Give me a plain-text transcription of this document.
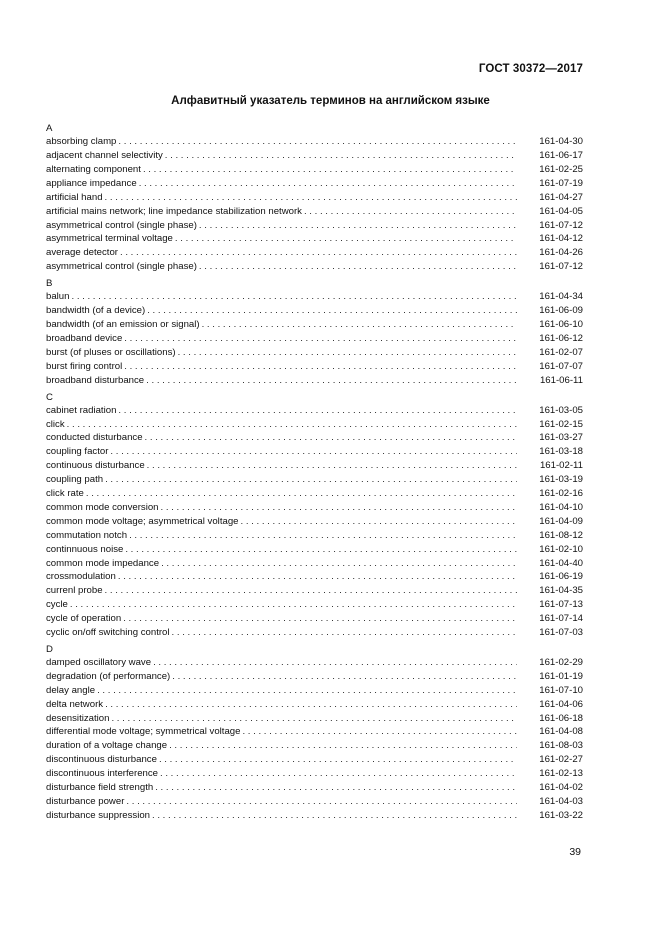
ГОСТ 30372—2017
Алфавитный указатель терминов на английском языке
A
absorbing clamp . . .	161-04-30
adjacent channel selectivity . . .	161-06-17
alternating component . . .	161-02-25
appliance impedance . . .	161-07-19
artificial hand . . .	161-04-27
artificial mains network; line impedance stabilization network . . .	161-04-05
asymmetrical control (single phase) . . .	161-07-12
asymmetrical terminal voltage . . .	161-04-12
average detector . . .	161-04-26
asymmetrical control (single phase) . . .	161-07-12
B
balun . . .	161-04-34
bandwidth (of a device) . . .	161-06-09
bandwidth (of an emission or signal) . . .	161-06-10
broadband device . . .	161-06-12
burst (of pluses or oscillations) . . .	161-02-07
burst firing control . . .	161-07-07
broadband disturbance . . .	161-06-11
C
cabinet radiation . . .	161-03-05
click . . .	161-02-15
conducted disturbance . . .	161-03-27
coupling factor . . .	161-03-18
continuous disturbance . . .	161-02-11
coupling path . . .	161-03-19
click rate . . .	161-02-16
common mode conversion . . .	161-04-10
common mode voltage; asymmetrical voltage . . .	161-04-09
commutation notch . . .	161-08-12
continnuous noise . . .	161-02-10
common mode impedance . . .	161-04-40
crossmodulation . . .	161-06-19
currenl probe . . .	161-04-35
cycle . . .	161-07-13
cycle of operation . . .	161-07-14
cyclic on/off switching control . . .	161-07-03
D
damped oscillatory wave . . .	161-02-29
degradation (of performance) . . .	161-01-19
delay angle . . .	161-07-10
delta network . . .	161-04-06
desensitization . . .	161-06-18
differential mode voltage; symmetrical voltage . . .	161-04-08
duration of a voltage change . . .	161-08-03
discontinuous disturbance . . .	161-02-27
discontinuous interference . . .	161-02-13
disturbance field strength . . .	161-04-02
disturbance power . . .	161-04-03
disturbance suppression . . .	161-03-22
39
